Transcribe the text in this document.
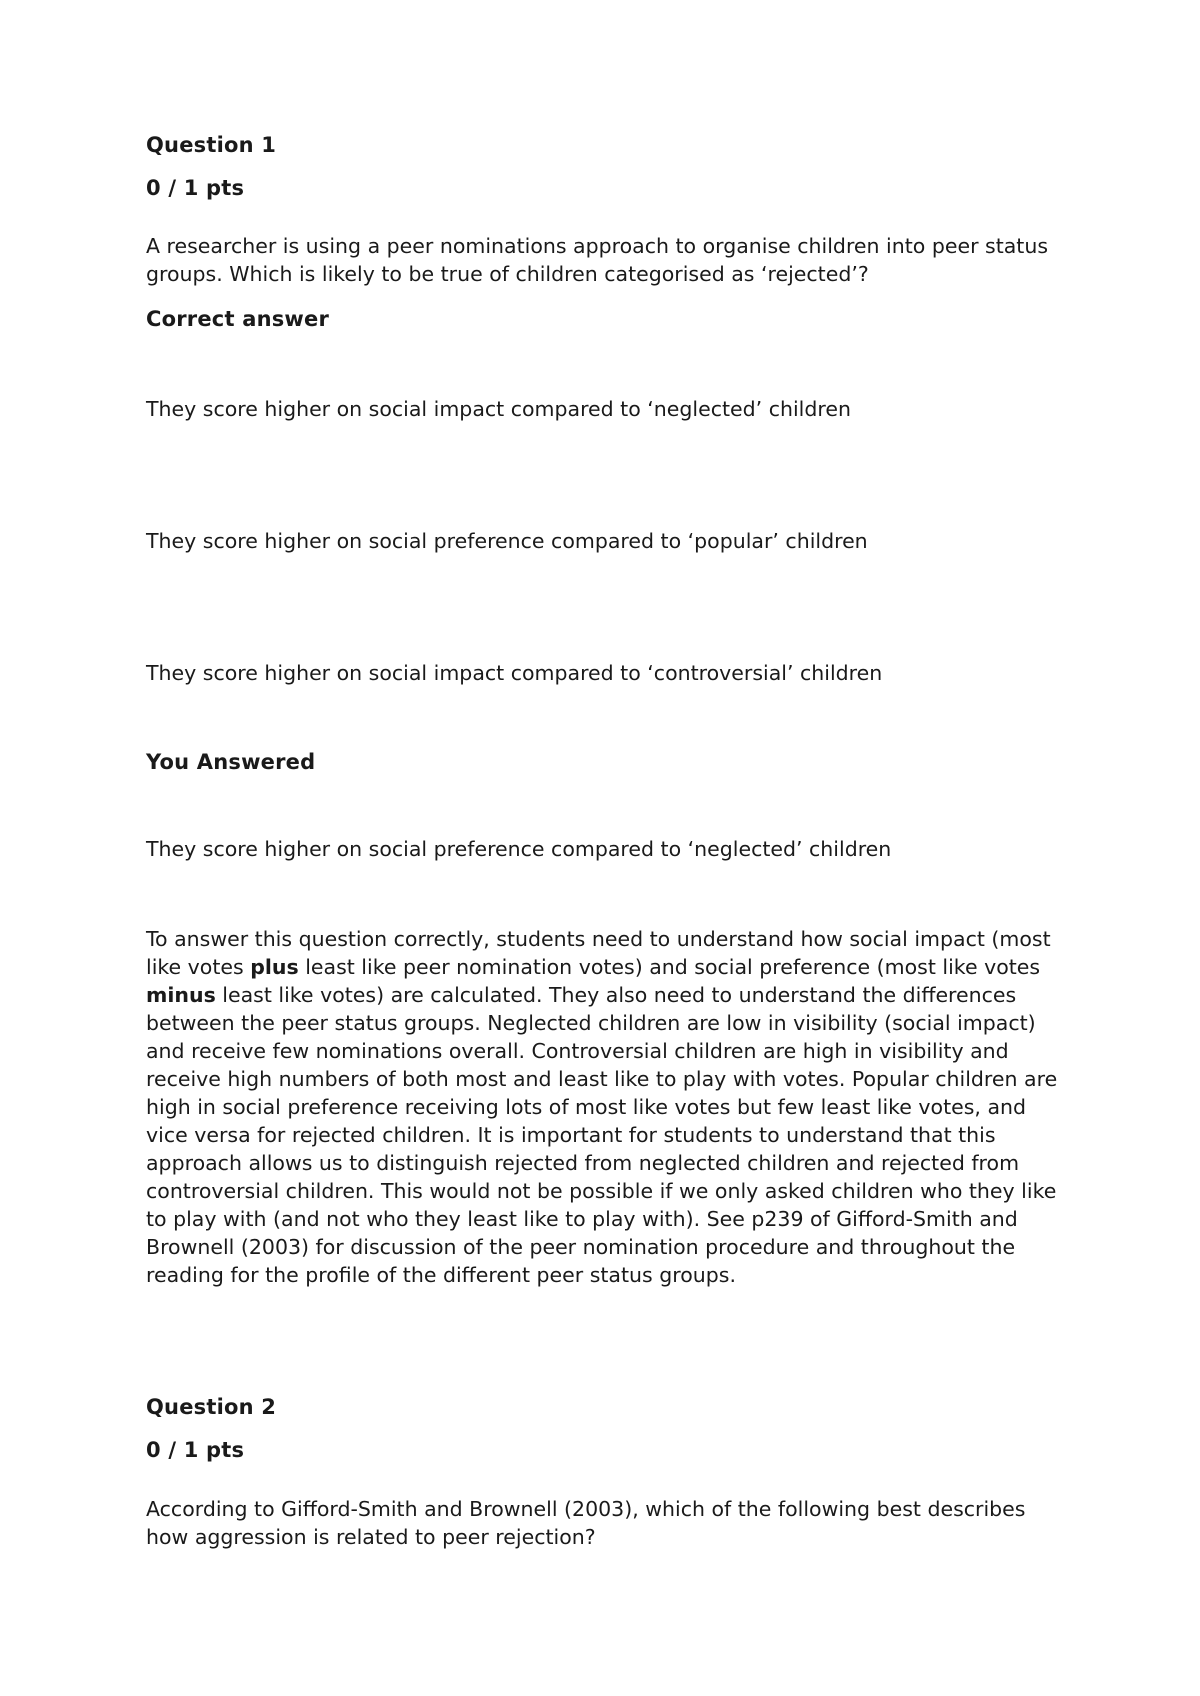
Question 1
0 / 1 pts

A researcher is using a peer nominations approach to organise children into peer status groups. Which is likely to be true of children categorised as ‘rejected’?

Correct answer
They score higher on social impact compared to ‘neglected’ children
They score higher on social preference compared to ‘popular’ children
They score higher on social impact compared to ‘controversial’ children
You Answered
They score higher on social preference compared to ‘neglected’ children

To answer this question correctly, students need to understand how social impact (most like votes plus least like peer nomination votes) and social preference (most like votes minus least like votes) are calculated. They also need to understand the differences between the peer status groups. Neglected children are low in visibility (social impact) and receive few nominations overall. Controversial children are high in visibility and receive high numbers of both most and least like to play with votes. Popular children are high in social preference receiving lots of most like votes but few least like votes, and vice versa for rejected children. It is important for students to understand that this approach allows us to distinguish rejected from neglected children and rejected from controversial children. This would not be possible if we only asked children who they like to play with (and not who they least like to play with). See p239 of Gifford-Smith and Brownell (2003) for discussion of the peer nomination procedure and throughout the reading for the profile of the different peer status groups.

Question 2
0 / 1 pts

According to Gifford-Smith and Brownell (2003), which of the following best describes how aggression is related to peer rejection?
